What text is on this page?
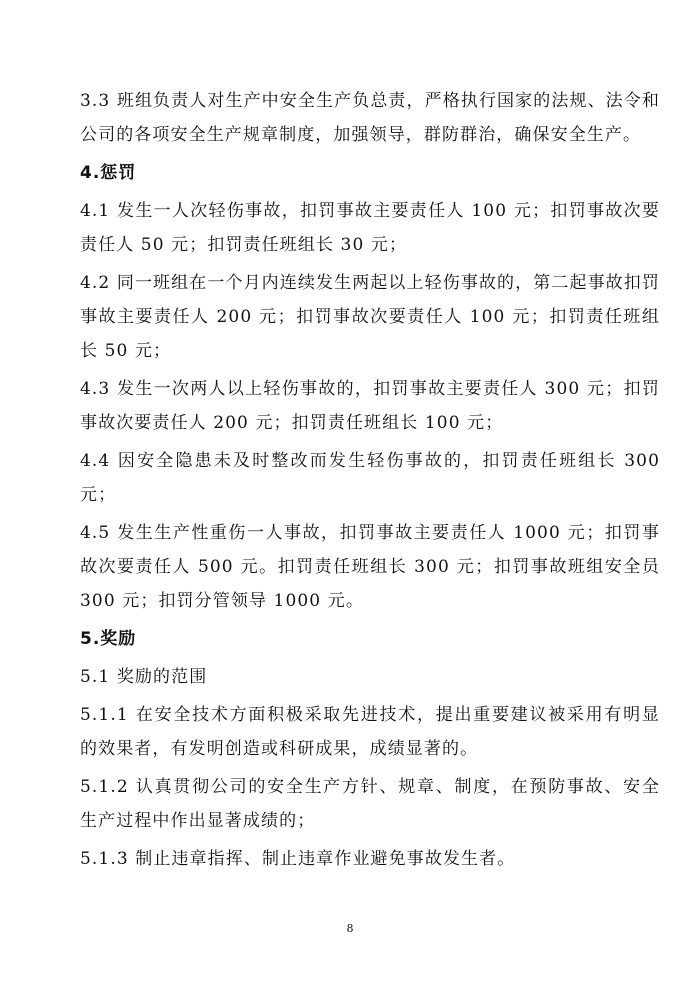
3.3 班组负责人对生产中安全生产负总责，严格执行国家的法规、法令和公司的各项安全生产规章制度，加强领导，群防群治，确保安全生产。

4.惩罚

4.1 发生一人次轻伤事故，扣罚事故主要责任人 100 元；扣罚事故次要责任人 50 元；扣罚责任班组长 30 元；

4.2 同一班组在一个月内连续发生两起以上轻伤事故的，第二起事故扣罚事故主要责任人 200 元；扣罚事故次要责任人 100 元；扣罚责任班组长 50 元；

4.3 发生一次两人以上轻伤事故的，扣罚事故主要责任人 300 元；扣罚事故次要责任人 200 元；扣罚责任班组长 100 元；

4.4 因安全隐患未及时整改而发生轻伤事故的，扣罚责任班组长 300 元；

4.5 发生生产性重伤一人事故，扣罚事故主要责任人 1000 元；扣罚事故次要责任人 500 元。扣罚责任班组长 300 元；扣罚事故班组安全员 300 元；扣罚分管领导 1000 元。

5.奖励

5.1 奖励的范围

5.1.1 在安全技术方面积极采取先进技术，提出重要建议被采用有明显的效果者，有发明创造或科研成果，成绩显著的。

5.1.2 认真贯彻公司的安全生产方针、规章、制度，在预防事故、安全生产过程中作出显著成绩的；

5.1.3 制止违章指挥、制止违章作业避免事故发生者。

8
